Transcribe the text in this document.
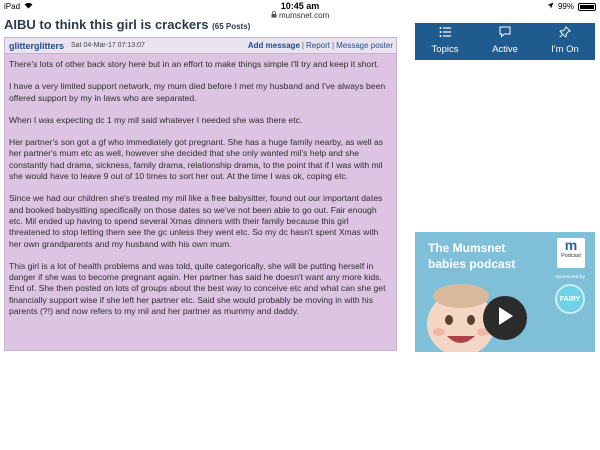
iPad	10:45 am	99%
mumsnet.com
AIBU to think this girl is crackers (65 Posts)
Topics	Active	I'm On
glitterglitters Sat 04-Mar-17 07:13:07	Add message | Report | Message poster

There's lots of other back story here but in an effort to make things simple I'll try and keep it short.

I have a very limited support network, my mum died before I met my husband and I've always been offered support by my in laws who are separated.

When I was expecting dc 1 my mil said whatever I needed she was there etc.

Her partner's son got a gf who immediately got pregnant. She has a huge family nearby, as well as her partner's mum etc as well, however she decided that she only wanted mil's help and she constantly had drama, sickness, family drama, relationship drama, to the point that if I was with mil she would have to leave 9 out of 10 times to sort her out. At the time I was ok, coping etc.

Since we had our children she's treated my mil like a free babysitter, found out our important dates and booked babysitting specifically on those dates so we've not been able to go out. Fair enough etc. Mil ended up having to spend several Xmas dinners with their family because this girl threatened to stop letting them see the gc unless they went etc. So my dc hasn't spent Xmas with her own grandparents and my husband with his own mum.

This girl is a lot of health problems and was told, quite categorically, she will be putting herself in danger if she was to become pregnant again. Her partner has said he doesn't want any more kids. End of. She then posted on lots of groups about the best way to conceive etc and what can she get financially support wise if she left her partner etc. Said she would probably be moving in with his parents (?!) and now refers to my mil and her partner as mummy and daddy.

The Mumsnet
babies podcast
m
Podcast
Sponsored by
FAIRY
